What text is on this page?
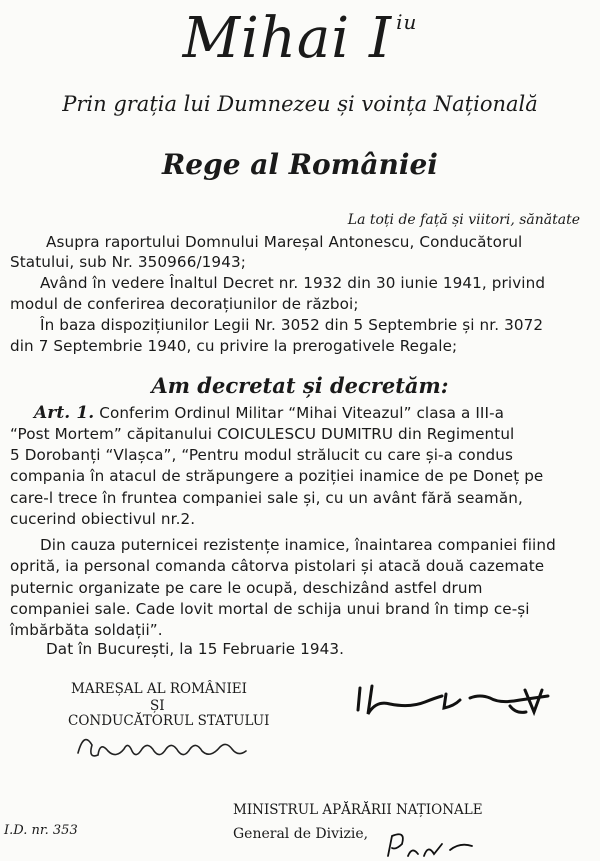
Mihai I $^{iu}$
Prin grația lui Dumnezeu și voința Națională
Rege al României
La toți de față și viitori, sănătate
Asupra raportului Domnului Mareșal Antonescu, Conducătorul
Statului, sub Nr. 350966/1943;
Având în vedere Înaltul Decret nr. 1932 din 30 iunie 1941, privind
modul de conferirea decorațiunilor de război;
În baza dispozițiunilor Legii Nr. 3052 din 5 Septembrie și nr. 3072
din 7 Septembrie 1940, cu privire la prerogativele Regale;
Am decretat și decretăm:
Art. 1. Conferim Ordinul Militar “Mihai Viteazul” clasa a III-a
“Post Mortem” căpitanului COICULESCU DUMITRU din Regimentul
5 Dorobanți “Vlașca”, “Pentru modul strălucit cu care și-a condus
compania în atacul de străpungere a poziției inamice de pe Doneț pe
care-l trece în fruntea companiei sale și, cu un avânt fără seamăn,
cucerind obiectivul nr.2.
Din cauza puternicei rezistențe inamice, înaintarea companiei fiind
oprită, ia personal comanda câtorva pistolari și atacă două cazemate
puternic organizate pe care le ocupă, deschizând astfel drum
companiei sale. Cade lovit mortal de schija unui brand în timp ce-și
îmbărbăta soldații”.
Dat în București, la 15 Februarie 1943.
MAREȘAL AL ROMÂNIEI
ȘI
CONDUCĂTORUL STATULUI
MINISTRUL APĂRĂRII NAȚIONALE
General de Divizie,
I.D. nr. 353
